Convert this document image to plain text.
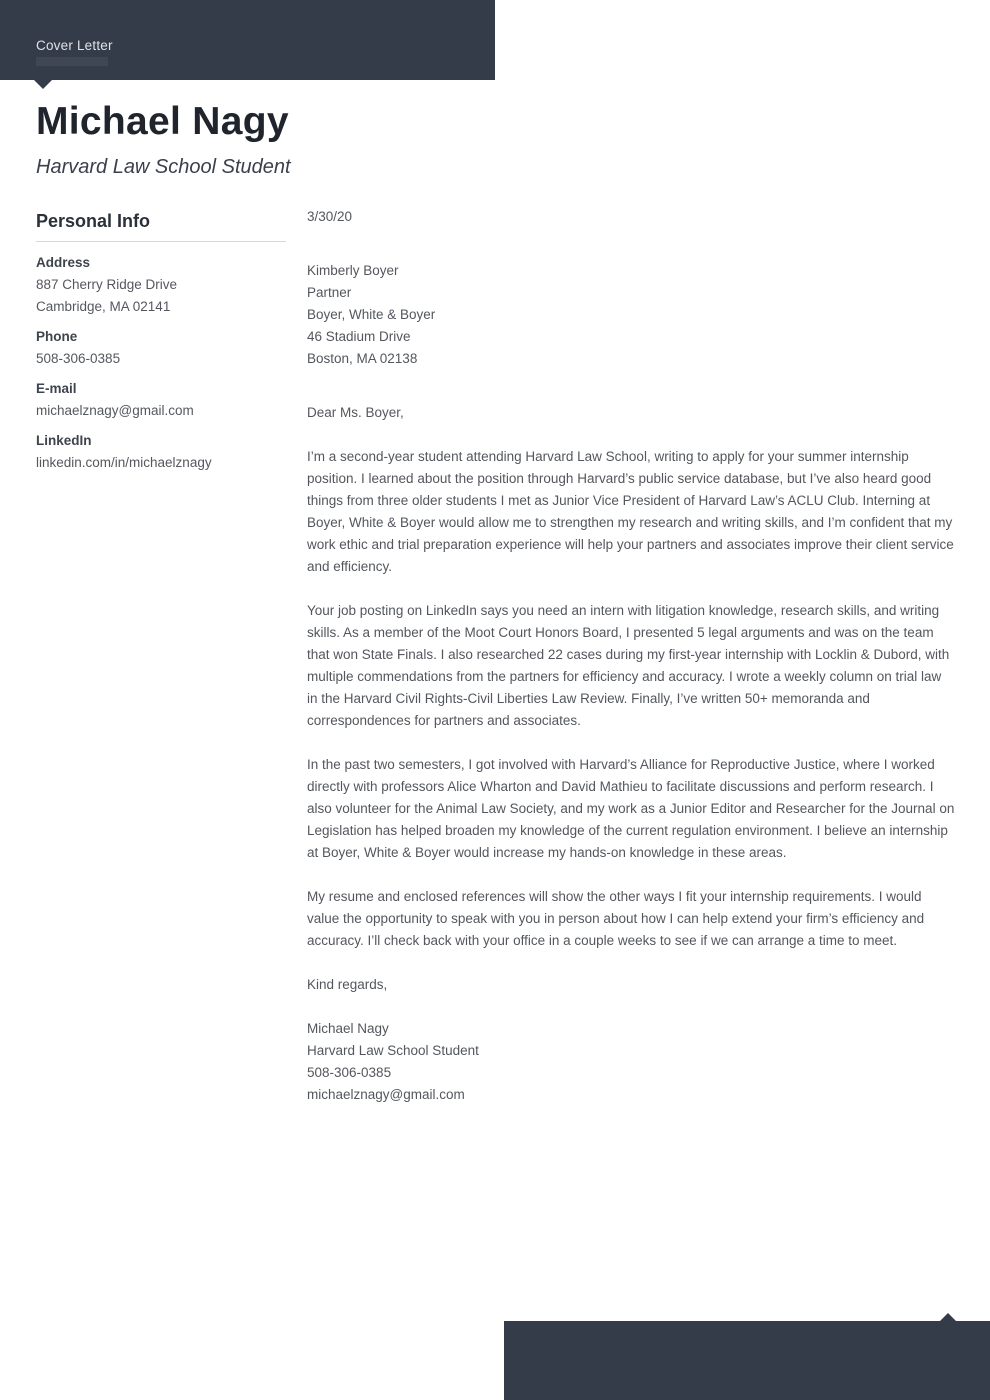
Cover Letter
Michael Nagy
Harvard Law School Student
Personal Info
Address
887 Cherry Ridge Drive
Cambridge, MA 02141
Phone
508-306-0385
E-mail
michaelznagy@gmail.com
LinkedIn
linkedin.com/in/michaelznagy
3/30/20
Kimberly Boyer
Partner
Boyer, White & Boyer
46 Stadium Drive
Boston, MA 02138
Dear Ms. Boyer,

I’m a second-year student attending Harvard Law School, writing to apply for your summer internship position. I learned about the position through Harvard’s public service database, but I’ve also heard good things from three older students I met as Junior Vice President of Harvard Law’s ACLU Club. Interning at Boyer, White & Boyer would allow me to strengthen my research and writing skills, and I’m confident that my work ethic and trial preparation experience will help your partners and associates improve their client service and efficiency.

Your job posting on LinkedIn says you need an intern with litigation knowledge, research skills, and writing skills. As a member of the Moot Court Honors Board, I presented 5 legal arguments and was on the team that won State Finals. I also researched 22 cases during my first-year internship with Locklin & Dubord, with multiple commendations from the partners for efficiency and accuracy. I wrote a weekly column on trial law in the Harvard Civil Rights-Civil Liberties Law Review. Finally, I’ve written 50+ memoranda and correspondences for partners and associates.

In the past two semesters, I got involved with Harvard’s Alliance for Reproductive Justice, where I worked directly with professors Alice Wharton and David Mathieu to facilitate discussions and perform research. I also volunteer for the Animal Law Society, and my work as a Junior Editor and Researcher for the Journal on Legislation has helped broaden my knowledge of the current regulation environment. I believe an internship at Boyer, White & Boyer would increase my hands-on knowledge in these areas.

My resume and enclosed references will show the other ways I fit your internship requirements. I would value the opportunity to speak with you in person about how I can help extend your firm’s efficiency and accuracy. I’ll check back with your office in a couple weeks to see if we can arrange a time to meet.

Kind regards,
Michael Nagy
Harvard Law School Student
508-306-0385
michaelznagy@gmail.com
